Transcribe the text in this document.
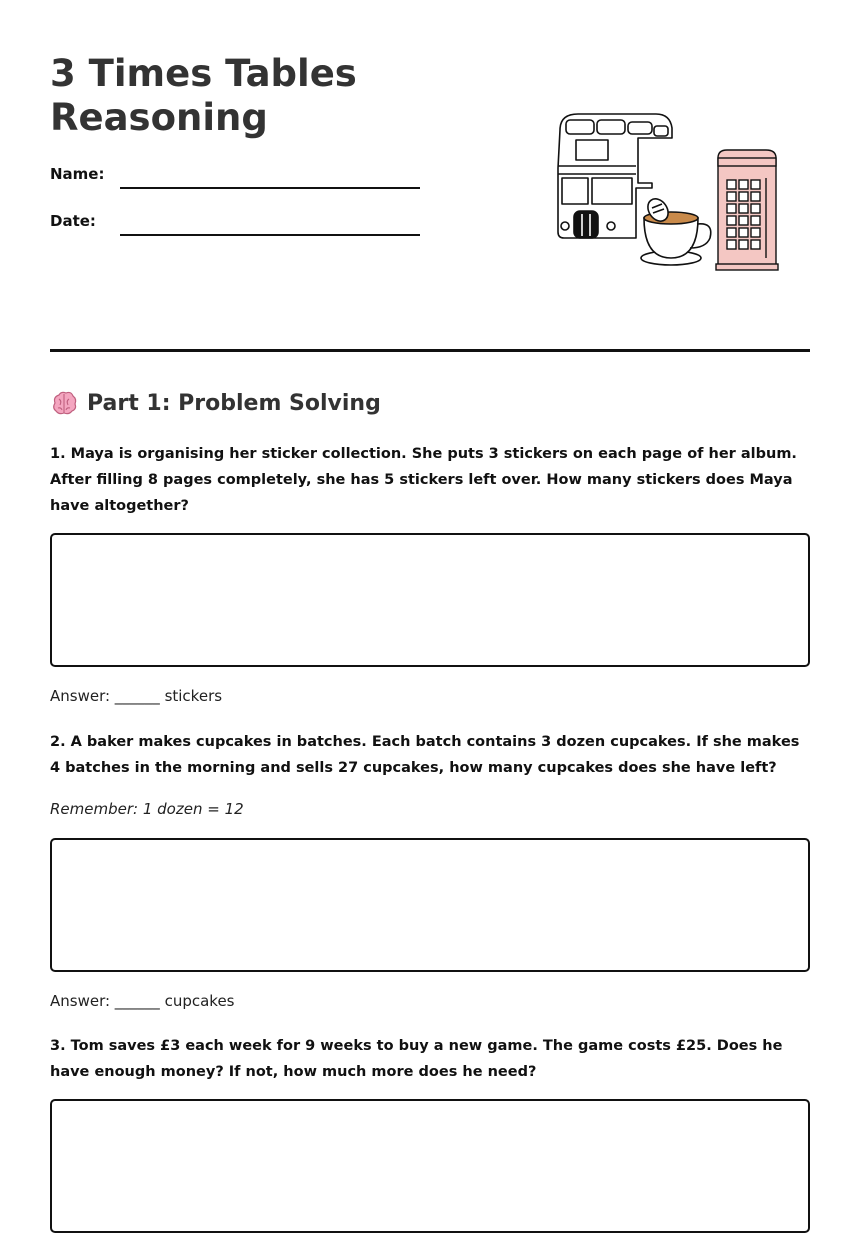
3 Times Tables
Reasoning
Name:
Date:
Part 1: Problem Solving

1. Maya is organising her sticker collection. She puts 3 stickers on each page of her album. After filling 8 pages completely, she has 5 stickers left over. How many stickers does Maya have altogether?

Answer: ______ stickers

2. A baker makes cupcakes in batches. Each batch contains 3 dozen cupcakes. If she makes 4 batches in the morning and sells 27 cupcakes, how many cupcakes does she have left?

Remember: 1 dozen = 12

Answer: ______ cupcakes

3. Tom saves £3 each week for 9 weeks to buy a new game. The game costs £25. Does he have enough money? If not, how much more does he need?
